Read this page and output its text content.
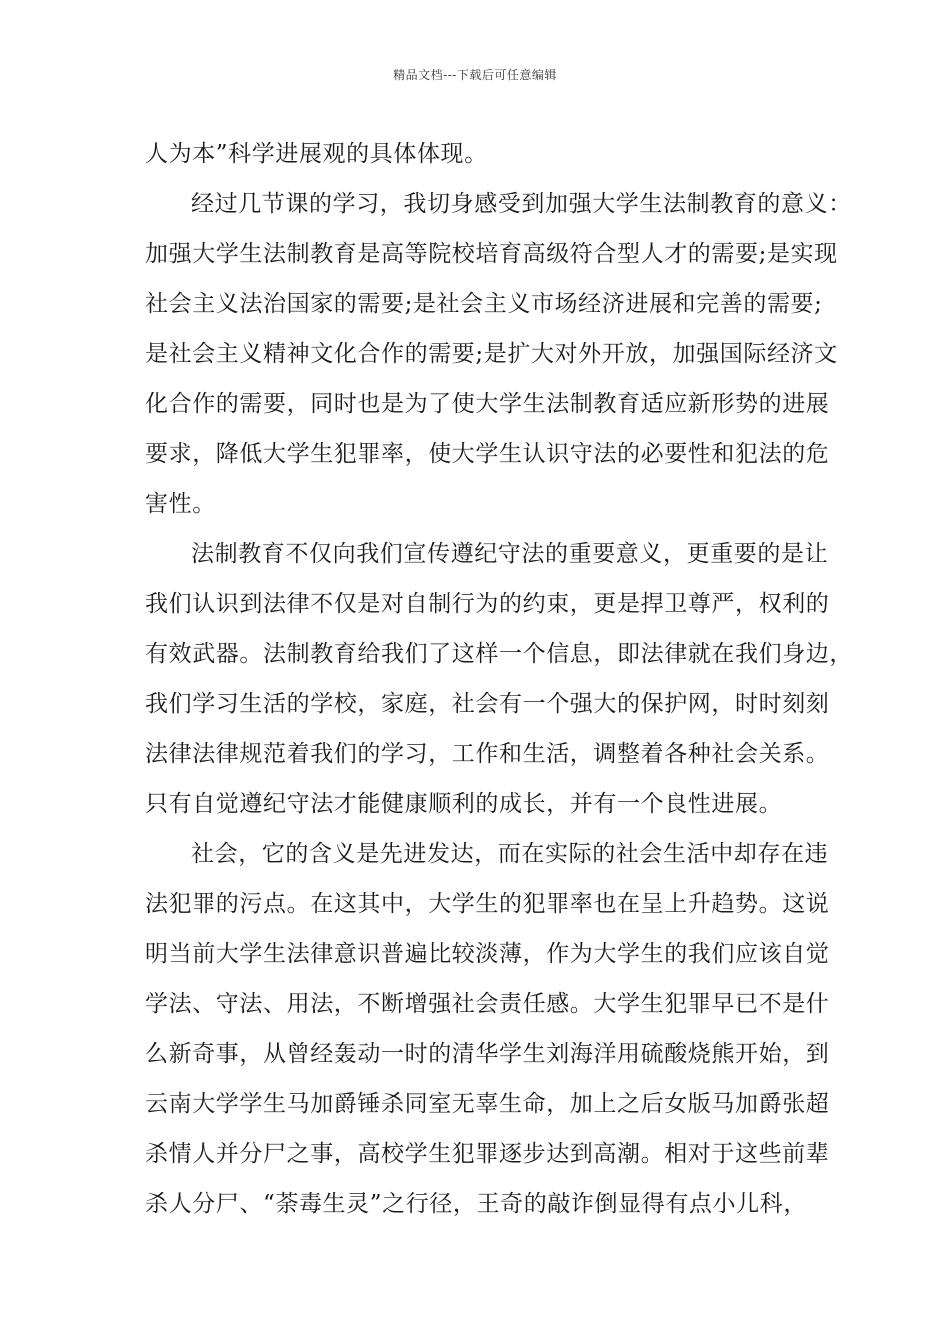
精品文档---下载后可任意编辑
人为本”科学进展观的具体体现。
经过几节课的学习，我切身感受到加强大学生法制教育的意义：
加强大学生法制教育是高等院校培育高级符合型人才的需要;是实现
社会主义法治国家的需要;是社会主义市场经济进展和完善的需要;
是社会主义精神文化合作的需要;是扩大对外开放，加强国际经济文
化合作的需要，同时也是为了使大学生法制教育适应新形势的进展
要求，降低大学生犯罪率，使大学生认识守法的必要性和犯法的危
害性。
法制教育不仅向我们宣传遵纪守法的重要意义，更重要的是让
我们认识到法律不仅是对自制行为的约束，更是捍卫尊严，权利的
有效武器。法制教育给我们了这样一个信息，即法律就在我们身边，
我们学习生活的学校，家庭，社会有一个强大的保护网，时时刻刻
法律法律规范着我们的学习，工作和生活，调整着各种社会关系。
只有自觉遵纪守法才能健康顺利的成长，并有一个良性进展。
社会，它的含义是先进发达，而在实际的社会生活中却存在违
法犯罪的污点。在这其中，大学生的犯罪率也在呈上升趋势。这说
明当前大学生法律意识普遍比较淡薄，作为大学生的我们应该自觉
学法、守法、用法，不断增强社会责任感。大学生犯罪早已不是什
么新奇事，从曾经轰动一时的清华学生刘海洋用硫酸烧熊开始，到
云南大学学生马加爵锤杀同室无辜生命，加上之后女版马加爵张超
杀情人并分尸之事，高校学生犯罪逐步达到高潮。相对于这些前辈
杀人分尸、“荼毒生灵”之行径，王奇的敲诈倒显得有点小儿科，
